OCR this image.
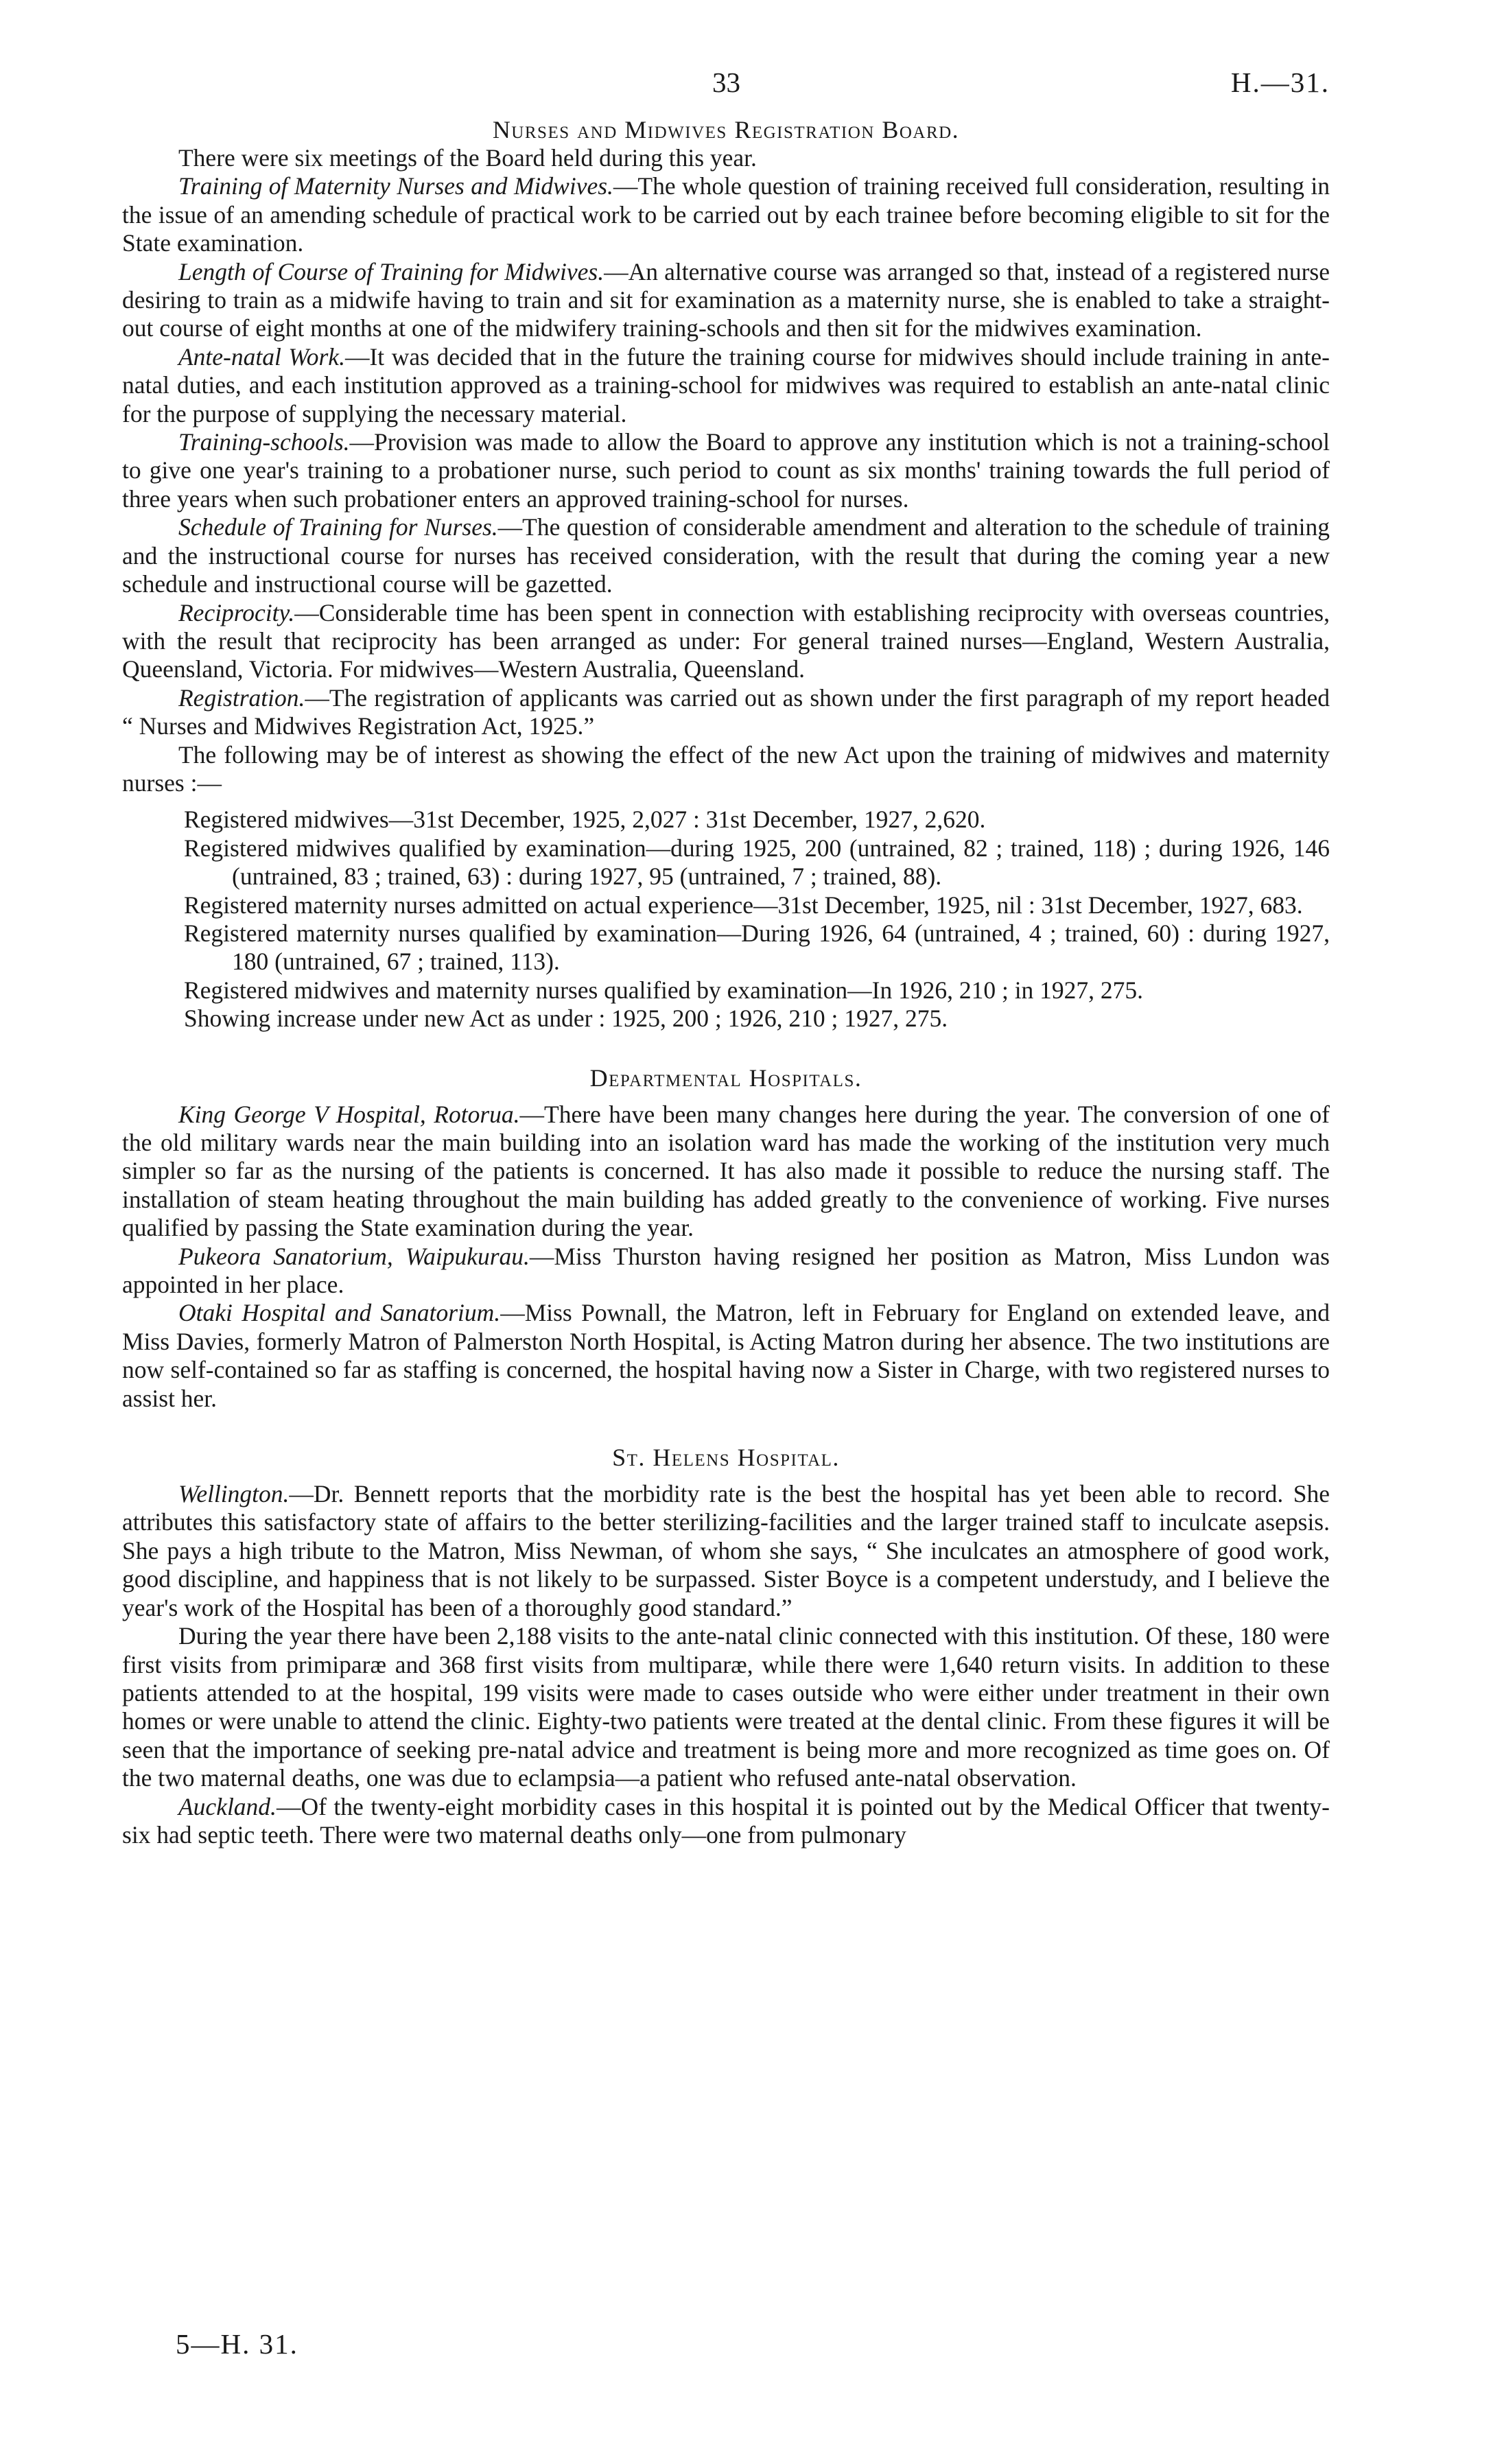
33	H.—31.
Nurses and Midwives Registration Board.

There were six meetings of the Board held during this year.

Training of Maternity Nurses and Midwives.—The whole question of training received full consideration, resulting in the issue of an amending schedule of practical work to be carried out by each trainee before becoming eligible to sit for the State examination.

Length of Course of Training for Midwives.—An alternative course was arranged so that, instead of a registered nurse desiring to train as a midwife having to train and sit for examination as a maternity nurse, she is enabled to take a straight-out course of eight months at one of the midwifery training-schools and then sit for the midwives examination.

Ante-natal Work.—It was decided that in the future the training course for midwives should include training in ante-natal duties, and each institution approved as a training-school for midwives was required to establish an ante-natal clinic for the purpose of supplying the necessary material.

Training-schools.—Provision was made to allow the Board to approve any institution which is not a training-school to give one year's training to a probationer nurse, such period to count as six months' training towards the full period of three years when such probationer enters an approved training-school for nurses.

Schedule of Training for Nurses.—The question of considerable amendment and alteration to the schedule of training and the instructional course for nurses has received consideration, with the result that during the coming year a new schedule and instructional course will be gazetted.

Reciprocity.—Considerable time has been spent in connection with establishing reciprocity with overseas countries, with the result that reciprocity has been arranged as under: For general trained nurses—England, Western Australia, Queensland, Victoria. For midwives—Western Australia, Queensland.

Registration.—The registration of applicants was carried out as shown under the first paragraph of my report headed “ Nurses and Midwives Registration Act, 1925.”

The following may be of interest as showing the effect of the new Act upon the training of midwives and maternity nurses :—

Registered midwives—31st December, 1925, 2,027 : 31st December, 1927, 2,620.
Registered midwives qualified by examination—during 1925, 200 (untrained, 82 ; trained, 118) ; during 1926, 146 (untrained, 83 ; trained, 63) : during 1927, 95 (untrained, 7 ; trained, 88).
Registered maternity nurses admitted on actual experience—31st December, 1925, nil : 31st December, 1927, 683.
Registered maternity nurses qualified by examination—During 1926, 64 (untrained, 4 ; trained, 60) : during 1927, 180 (untrained, 67 ; trained, 113).
Registered midwives and maternity nurses qualified by examination—In 1926, 210 ; in 1927, 275.
Showing increase under new Act as under : 1925, 200 ; 1926, 210 ; 1927, 275.
Departmental Hospitals.

King George V Hospital, Rotorua.—There have been many changes here during the year. The conversion of one of the old military wards near the main building into an isolation ward has made the working of the institution very much simpler so far as the nursing of the patients is concerned. It has also made it possible to reduce the nursing staff. The installation of steam heating throughout the main building has added greatly to the convenience of working. Five nurses qualified by passing the State examination during the year.

Pukeora Sanatorium, Waipukurau.—Miss Thurston having resigned her position as Matron, Miss Lundon was appointed in her place.

Otaki Hospital and Sanatorium.—Miss Pownall, the Matron, left in February for England on extended leave, and Miss Davies, formerly Matron of Palmerston North Hospital, is Acting Matron during her absence. The two institutions are now self-contained so far as staffing is concerned, the hospital having now a Sister in Charge, with two registered nurses to assist her.

St. Helens Hospital.

Wellington.—Dr. Bennett reports that the morbidity rate is the best the hospital has yet been able to record. She attributes this satisfactory state of affairs to the better sterilizing-facilities and the larger trained staff to inculcate asepsis. She pays a high tribute to the Matron, Miss Newman, of whom she says, “ She inculcates an atmosphere of good work, good discipline, and happiness that is not likely to be surpassed. Sister Boyce is a competent understudy, and I believe the year's work of the Hospital has been of a thoroughly good standard.”

During the year there have been 2,188 visits to the ante-natal clinic connected with this institution. Of these, 180 were first visits from primiparæ and 368 first visits from multiparæ, while there were 1,640 return visits. In addition to these patients attended to at the hospital, 199 visits were made to cases outside who were either under treatment in their own homes or were unable to attend the clinic. Eighty-two patients were treated at the dental clinic. From these figures it will be seen that the importance of seeking pre-natal advice and treatment is being more and more recognized as time goes on. Of the two maternal deaths, one was due to eclampsia—a patient who refused ante-natal observation.

Auckland.—Of the twenty-eight morbidity cases in this hospital it is pointed out by the Medical Officer that twenty-six had septic teeth. There were two maternal deaths only—one from pulmonary

5—H. 31.
